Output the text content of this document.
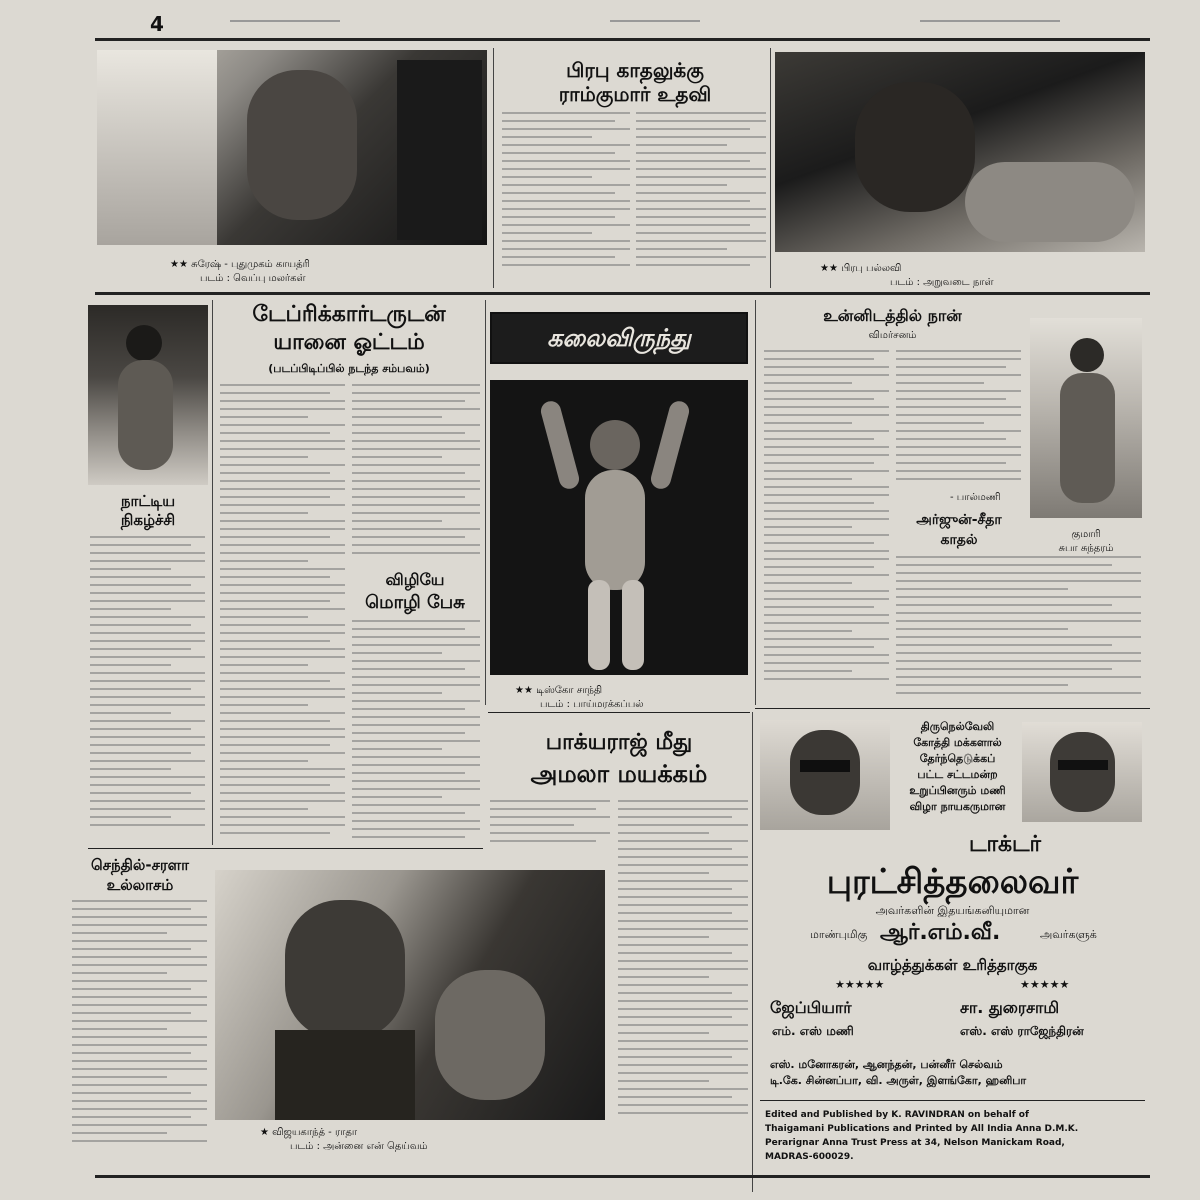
4
★★ சுரேஷ் - புதுமுகம் காயத்ரி
படம் : வெப்பு மலர்கள்
பிரபு காதலுக்கு
ராம்குமார் உதவி
★★ பிரபு பல்லவி
படம் : அறுவடை நாள்
நாட்டிய
நிகழ்ச்சி
டேப்ரிக்கார்டருடன்
யானை ஓட்டம்
(படப்பிடிப்பில் நடந்த சம்பவம்)
விழியே
மொழி பேசு
கலைவிருந்து
★★ டிஸ்கோ சாந்தி
படம் : பாய்மரக்கப்பல்
உன்னிடத்தில் நான்
விமர்சனம்
- பால்மணி
அர்ஜுன்-சீதா
காதல்	குமாரி
சுபா சுந்தரம்
பாக்யராஜ் மீது
அமலா மயக்கம்
செந்தில்-சரளா
உல்லாசம்
★ விஜயகாந்த் - ராதா
படம் : அன்னை என் தெய்வம்
திருநெல்வேலி
கோத்தி மக்களால்
தேர்ந்தெடுக்கப்
பட்ட சட்டமன்ற
உறுப்பினரும் மணி
விழா நாயகருமான
டாக்டர்
புரட்சித்தலைவர்
அவர்களின் இதயங்கனியுமான
மாண்புமிகு ஆர்.எம்.வீ.	அவர்களுக்
வாழ்த்துக்கள் உரித்தாகுக
★★★★★	★★★★★
ஜேப்பியார்	சா. துரைசாமி
எம். எஸ் மணி	எஸ். எஸ் ராஜேந்திரன்
எஸ். மனோகரன், ஆனந்தன், பன்னீர் செல்வம்
டி.கே. சின்னப்பா, வி. அருள், இளங்கோ, ஹனிபா
Edited and Published by K. RAVINDRAN on behalf of
Thaigamani Publications and Printed by All India Anna D.M.K.
Perarignar Anna Trust Press at 34, Nelson Manickam Road,
MADRAS-600029.
